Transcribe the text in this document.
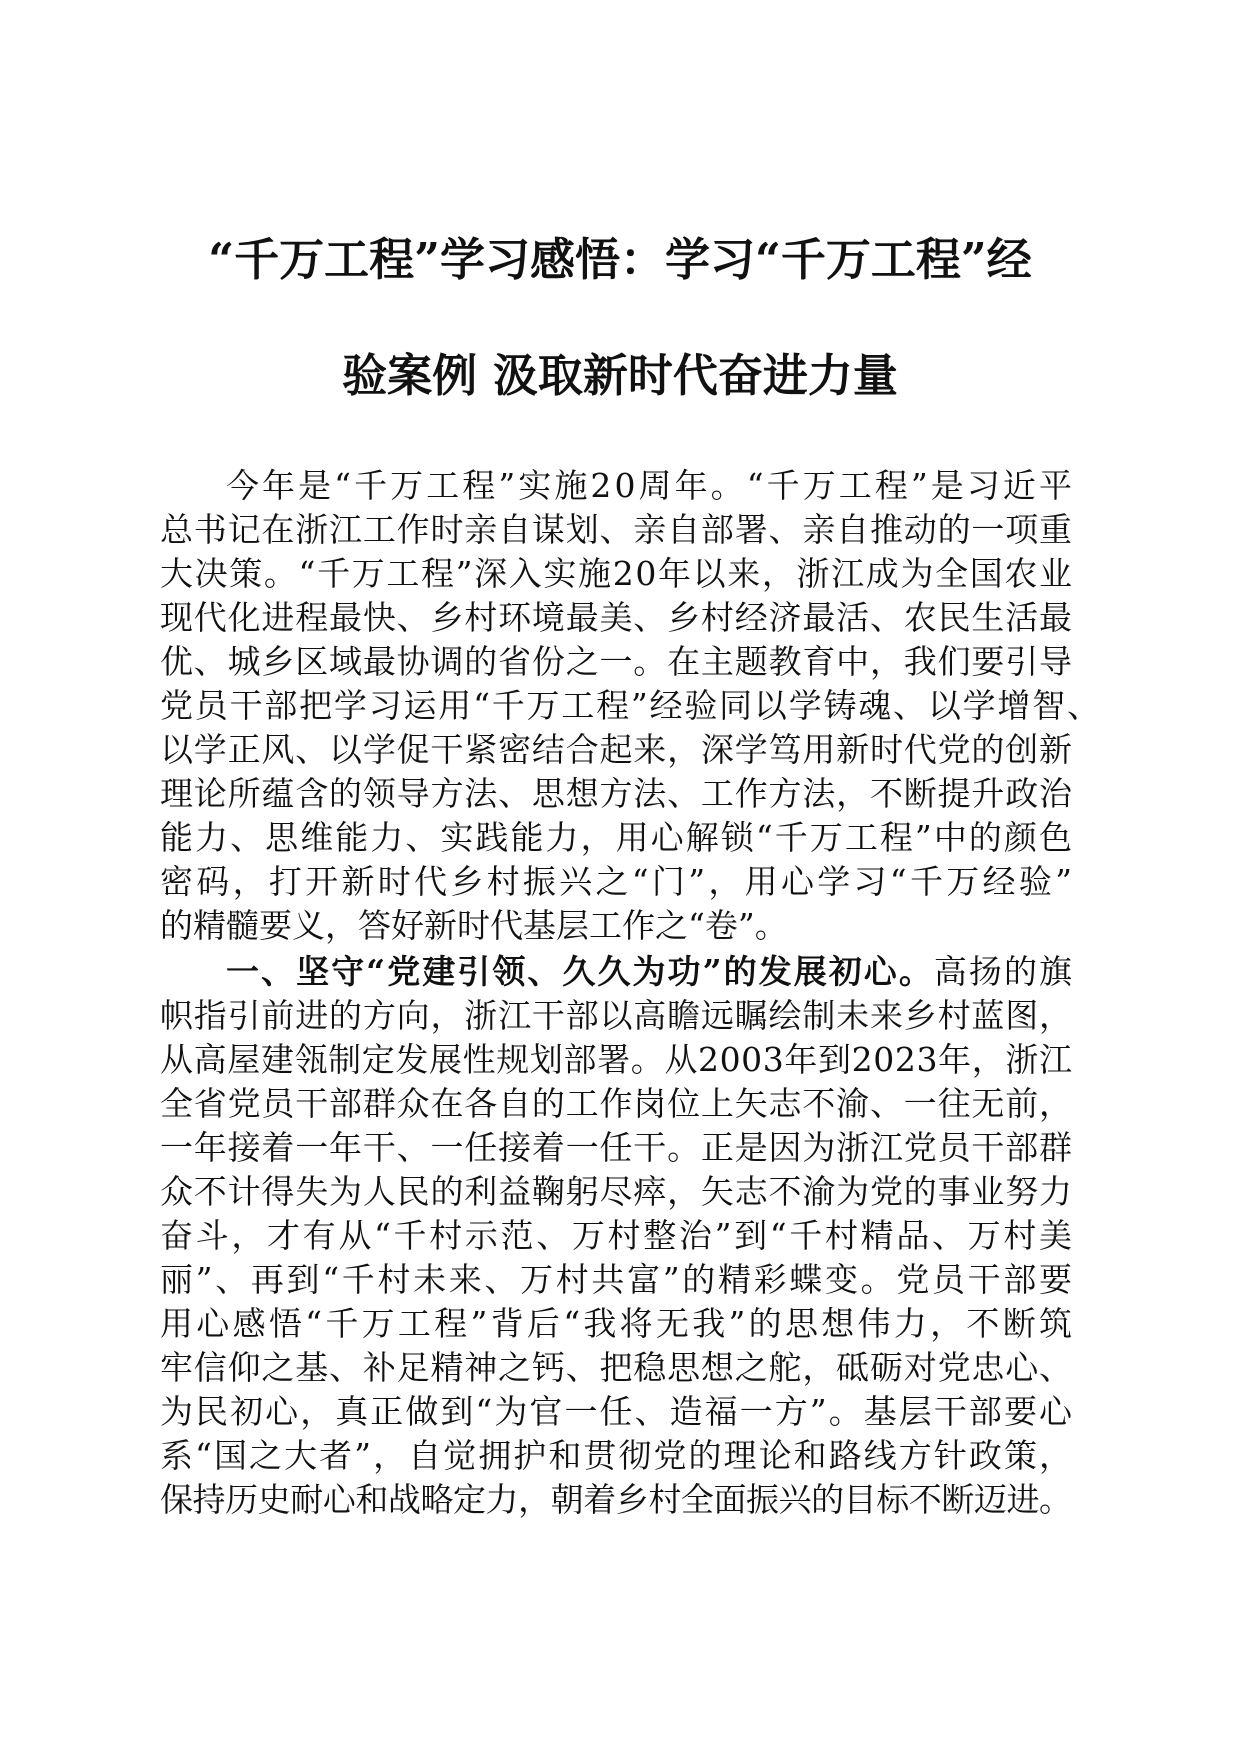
“千万工程”学习感悟：学习“千万工程”经
验案例 汲取新时代奋进力量
今年是“千万工程”实施20周年。“千万工程”是习近平
总书记在浙江工作时亲自谋划、亲自部署、亲自推动的一项重
大决策。“千万工程”深入实施20年以来，浙江成为全国农业
现代化进程最快、乡村环境最美、乡村经济最活、农民生活最
优、城乡区域最协调的省份之一。在主题教育中，我们要引导
党员干部把学习运用“千万工程”经验同以学铸魂、以学增智、
以学正风、以学促干紧密结合起来，深学笃用新时代党的创新
理论所蕴含的领导方法、思想方法、工作方法，不断提升政治
能力、思维能力、实践能力，用心解锁“千万工程”中的颜色
密码，打开新时代乡村振兴之“门”，用心学习“千万经验”
的精髓要义，答好新时代基层工作之“卷”。
一、坚守“党建引领、久久为功”的发展初心。高扬的旗
帜指引前进的方向，浙江干部以高瞻远瞩绘制未来乡村蓝图，
从高屋建瓴制定发展性规划部署。从2003年到2023年，浙江
全省党员干部群众在各自的工作岗位上矢志不渝、一往无前，
一年接着一年干、一任接着一任干。正是因为浙江党员干部群
众不计得失为人民的利益鞠躬尽瘁，矢志不渝为党的事业努力
奋斗，才有从“千村示范、万村整治”到“千村精品、万村美
丽”、再到“千村未来、万村共富”的精彩蝶变。党员干部要
用心感悟“千万工程”背后“我将无我”的思想伟力，不断筑
牢信仰之基、补足精神之钙、把稳思想之舵，砥砺对党忠心、
为民初心，真正做到“为官一任、造福一方”。基层干部要心
系“国之大者”，自觉拥护和贯彻党的理论和路线方针政策，
保持历史耐心和战略定力，朝着乡村全面振兴的目标不断迈进。
